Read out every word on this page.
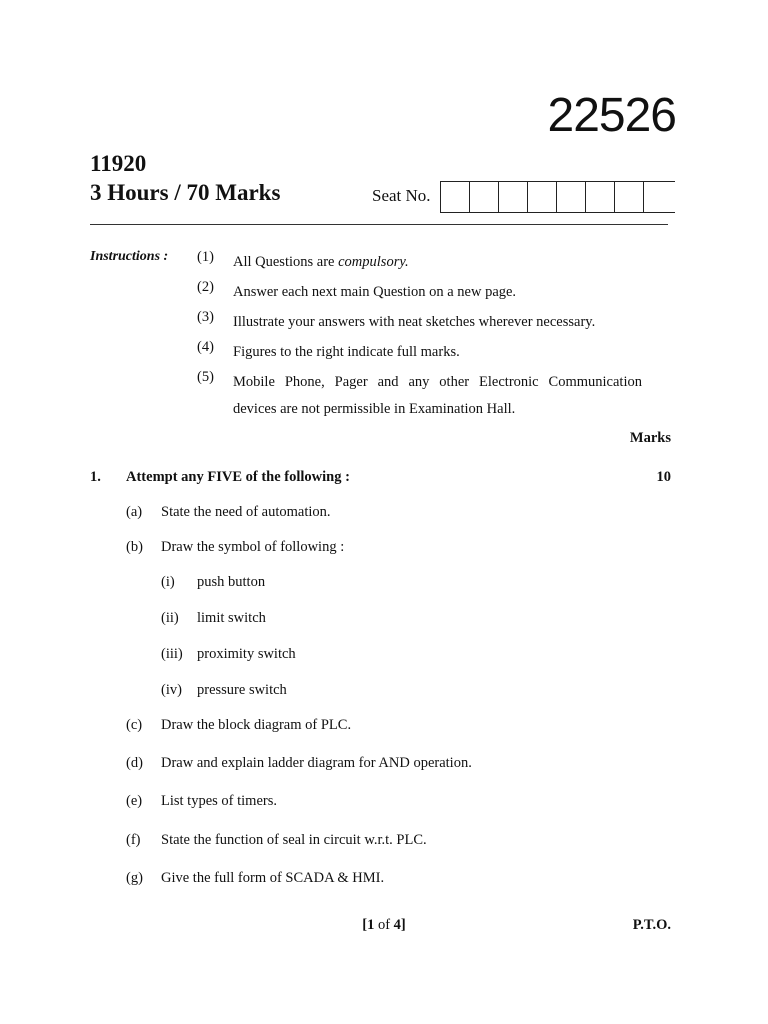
22526
11920
3 Hours / 70 Marks	Seat No.
Instructions : (1) All Questions are compulsory.
(2) Answer each next main Question on a new page.
(3) Illustrate your answers with neat sketches wherever necessary.
(4) Figures to the right indicate full marks.
(5) Mobile Phone, Pager and any other Electronic Communication devices are not permissible in Examination Hall.
Marks
1. Attempt any FIVE of the following :	10
(a) State the need of automation.
(b) Draw the symbol of following :
(i) push button
(ii) limit switch
(iii) proximity switch
(iv) pressure switch
(c) Draw the block diagram of PLC.
(d) Draw and explain ladder diagram for AND operation.
(e) List types of timers.
(f) State the function of seal in circuit w.r.t. PLC.
(g) Give the full form of SCADA & HMI.
[1 of 4]	P.T.O.
